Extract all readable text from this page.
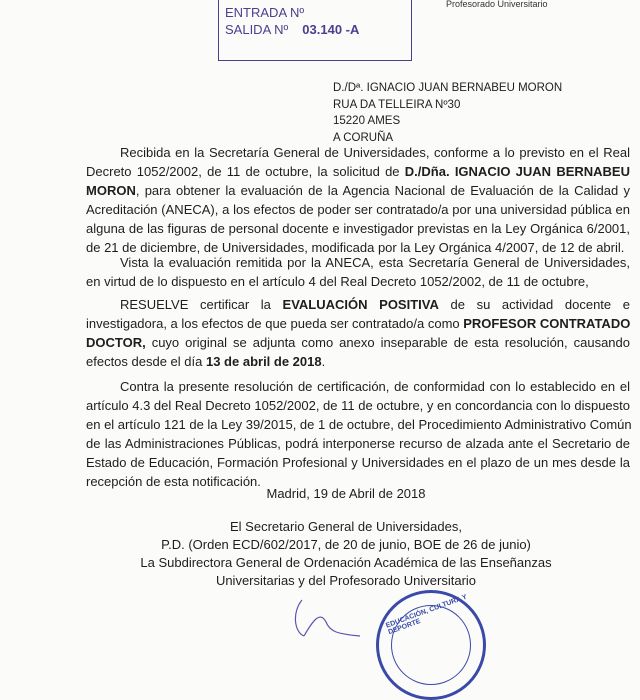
ENTRADA Nº
SALIDA Nº 03.140 -A
Profesorado Universitario
D./Dª. IGNACIO JUAN BERNABEU MORON
RUA DA TELLEIRA Nº30
15220 AMES
A CORUÑA
Recibida en la Secretaría General de Universidades, conforme a lo previsto en el Real
Decreto 1052/2002, de 11 de octubre, la solicitud de D./Dña. IGNACIO JUAN BERNABEU
MORON, para obtener la evaluación de la Agencia Nacional de Evaluación de la Calidad y
Acreditación (ANECA), a los efectos de poder ser contratado/a por una universidad pública en
alguna de las figuras de personal docente e investigador previstas en la Ley Orgánica 6/2001,
de 21 de diciembre, de Universidades, modificada por la Ley Orgánica 4/2007, de 12 de abril.
Vista la evaluación remitida por la ANECA, esta Secretaría General de Universidades,
en virtud de lo dispuesto en el artículo 4 del Real Decreto 1052/2002, de 11 de octubre,
RESUELVE certificar la EVALUACIÓN POSITIVA de su actividad docente e
investigadora, a los efectos de que pueda ser contratado/a como PROFESOR CONTRATADO
DOCTOR, cuyo original se adjunta como anexo inseparable de esta resolución, causando
efectos desde el día 13 de abril de 2018.
Contra la presente resolución de certificación, de conformidad con lo establecido en el
artículo 4.3 del Real Decreto 1052/2002, de 11 de octubre, y en concordancia con lo dispuesto
en el artículo 121 de la Ley 39/2015, de 1 de octubre, del Procedimiento Administrativo Común
de las Administraciones Públicas, podrá interponerse recurso de alzada ante el Secretario de
Estado de Educación, Formación Profesional y Universidades en el plazo de un mes desde la
recepción de esta notificación.
Madrid, 19 de Abril de 2018
El Secretario General de Universidades,
P.D. (Orden ECD/602/2017, de 20 de junio, BOE de 26 de junio)
La Subdirectora General de Ordenación Académica de las Enseñanzas
Universitarias y del Profesorado Universitario
EDUCACIÓN, CULTURA Y DEPORTE
